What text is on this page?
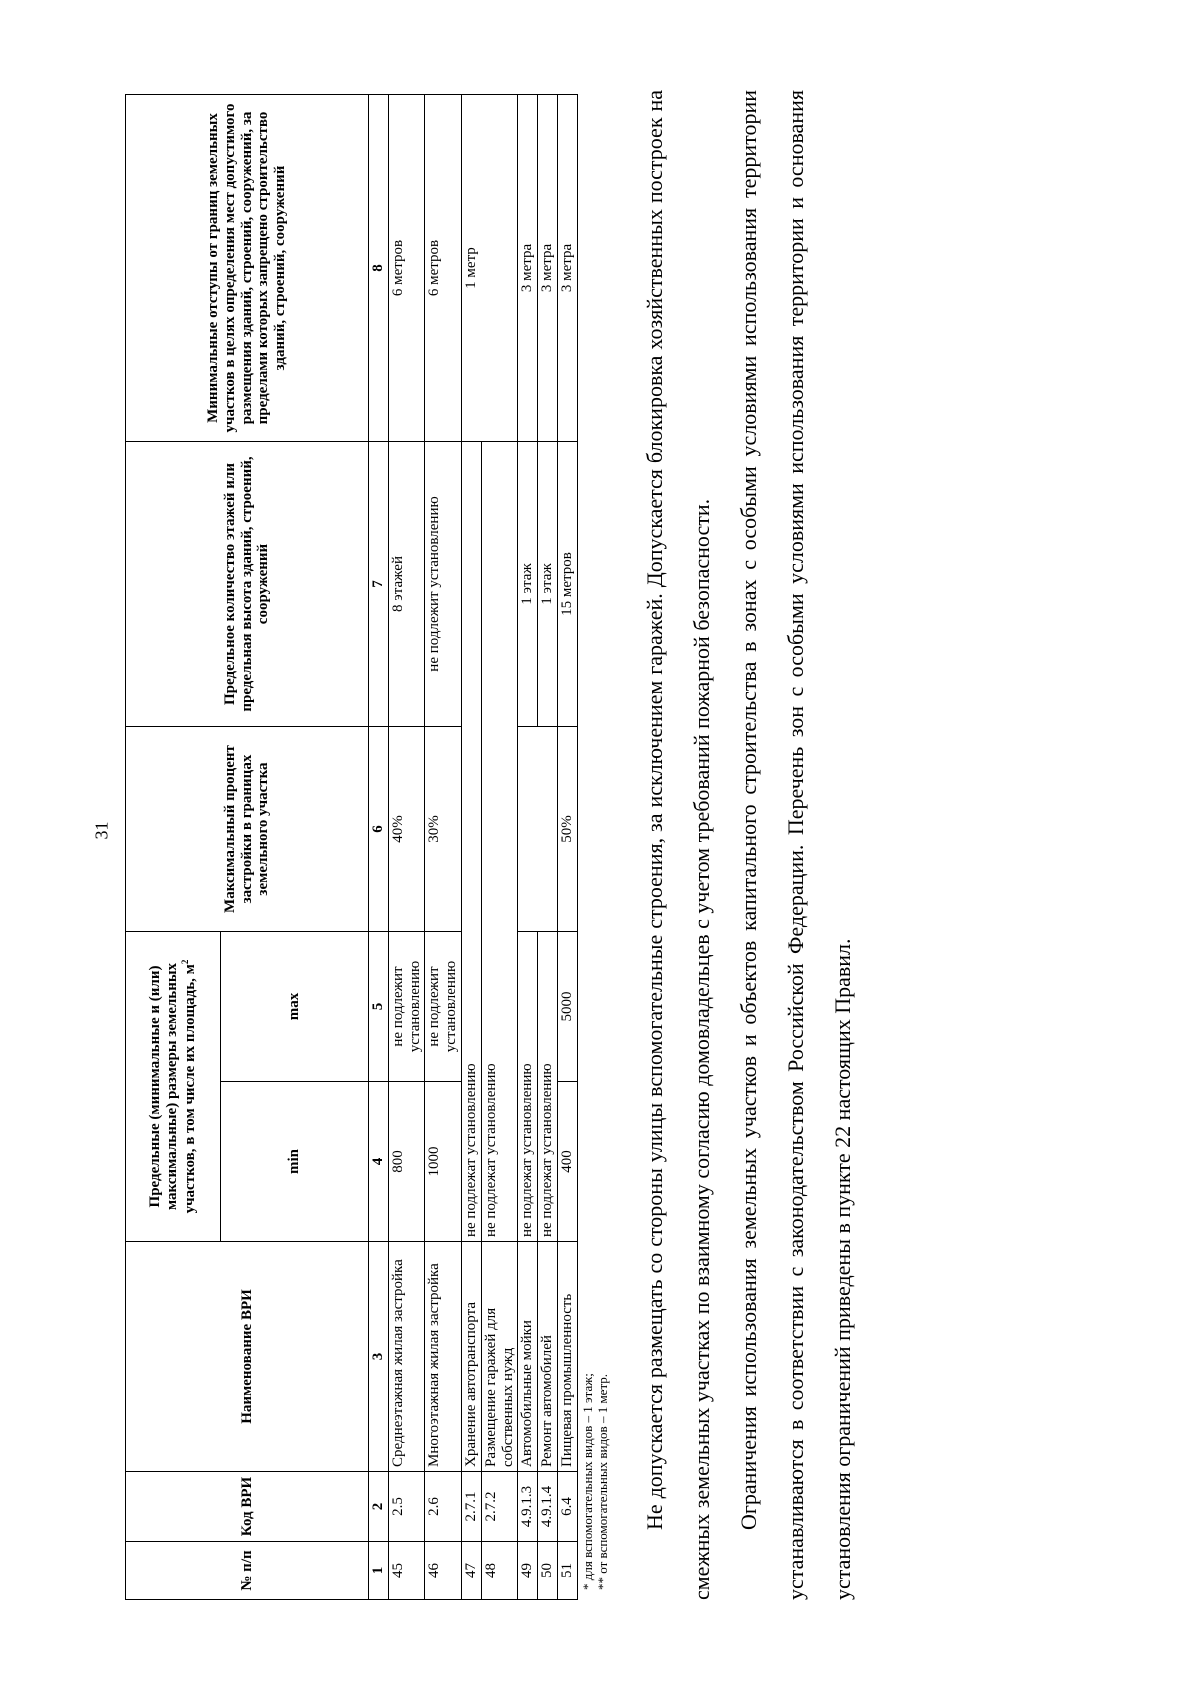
31
№ п/п	Код ВРИ	Наименование ВРИ	Предельные (минимальные и (или) максимальные) размеры земельных участков, в том числе их площадь, $м^2$		Максимальный процент застройки в границах земельного участка	Предельное количество этажей или предельная высота зданий, строений, сооружений	Минимальные отступы от границ земельных участков в целях определения мест допустимого размещения зданий, строений, сооружений, за пределами которых запрещено строительство зданий, строений, сооружений
			min	max			
1	2	3	4	5	6	7	8
45	2.5	Среднеэтажная жилая застройка	800	не подлежит установлению	40%	8 этажей	6 метров
46	2.6	Многоэтажная жилая застройка	1000	не подлежит установлению	30%	не подлежит установлению	6 метров
47	2.7.1	Хранение автотранспорта	не подлежат установлению				1 метр
48	2.7.2	Размещение гаражей для собственных нужд	не подлежат установлению				
49	4.9.1.3	Автомобильные мойки	не подлежат установлению			1 этаж	3 метра
50	4.9.1.4	Ремонт автомобилей	не подлежат установлению			1 этаж	3 метра
51	6.4	Пищевая промышленность	400	5000	50%	15 метров	3 метра
* для вспомогательных видов – 1 этаж; ** от вспомогательных видов – 1 метр.	Не допускается размещать со стороны улицы вспомогательные строения, за исключением гаражей. Допускается блокировка хозяйственных построек на смежных земельных участках по взаимному согласию домовладельцев с учетом требований пожарной безопасности.	Ограничения использования земельных участков и объектов капитального строительства в зонах с особыми условиями использования территории устанавливаются в соответствии с законодательством Российской Федерации. Перечень зон с особыми условиями использования территории и основания установления ограничений приведены в пункте 22 настоящих Правил.
